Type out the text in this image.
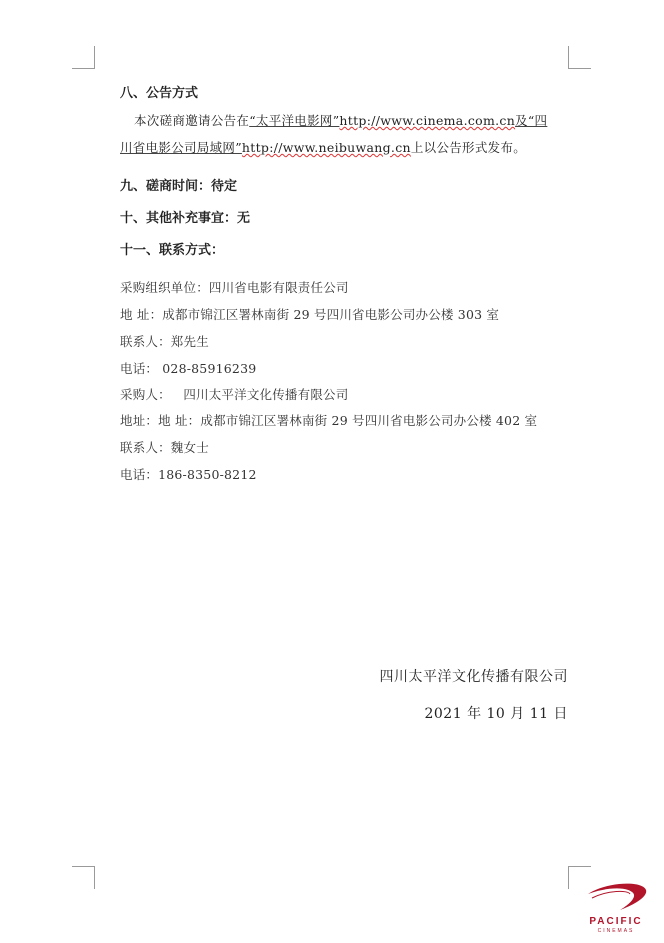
八、公告方式
本次磋商邀请公告在“太平洋电影网”http://www.cinema.com.cn及“四
川省电影公司局域网”http://www.neibuwang.cn上以公告形式发布。
九、磋商时间：待定
十、其他补充事宜：无
十一、联系方式：
采购组织单位：四川省电影有限责任公司
地 址：成都市锦江区署林南街 29 号四川省电影公司办公楼 303 室
联系人：郑先生
电话： 028-85916239
采购人：   四川太平洋文化传播有限公司
地址：地 址：成都市锦江区署林南街 29 号四川省电影公司办公楼 402 室
联系人：魏女士
电话：186-8350-8212
四川太平洋文化传播有限公司
2021 年 10 月 11 日
PACIFIC
CINEMAS
